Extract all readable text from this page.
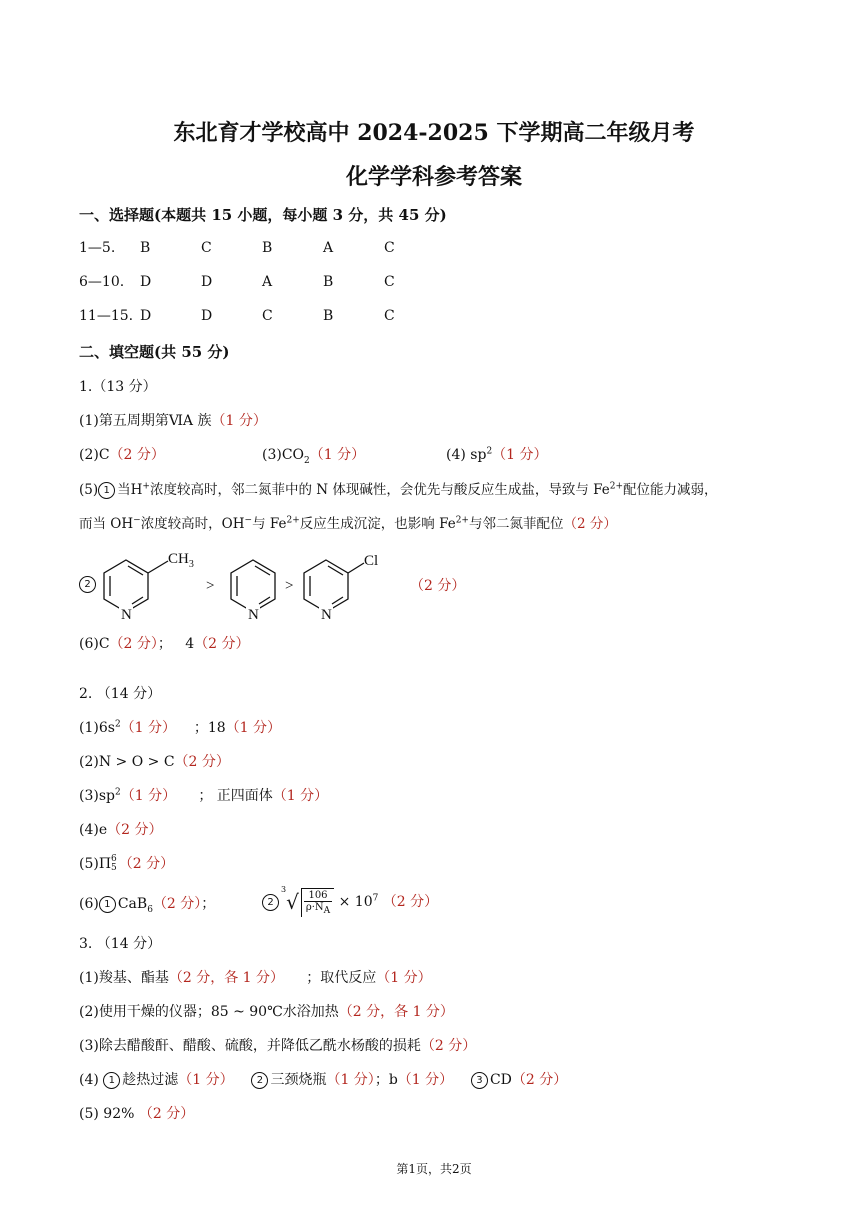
东北育才学校高中 2024-2025 下学期高二年级月考
化学学科参考答案
一、选择题(本题共 15 小题，每小题 3 分，共 45 分)
1—5. B	C	B	A	C
6—10. D	D	A	B	C
11—15. D	D	C	B	C
二、填空题(共 55 分)
1.（13 分）
(1)第五周期第ⅥA 族（1 分）
(2)C（2 分）	$(3)CO_2(1$ 分）	(4) $sp^2(1$ 分）
(5) 1 当H+浓度较高时，邻二氮菲中的 N 体现碱性，会优先与酸反应生成盐，导致与 $Fe^{2+}$配位能力减弱，
而当 OH−浓度较高时，OH−与 $Fe^{2+}$反应生成沉淀，也影响 $Fe^{2+}$与邻二氮菲配位（2 分）
2
N
$CH_3$
>
N
>
N
Cl
（2 分）
(6)C（2 分）； 4（2 分）
2. （14 分）
$(1)6s^2(1$ 分） ；18（1 分）
(2)N > O > C（2 分）
$(3)sp^2(1$ 分） ； 正四面体（1 分）
(4)e（2 分）
(5)Π 6
5 （2 分）
(6) 1 CaB$_6$（2 分）；	$2^3√ \frac{106}{\rho\cdot N_A} \times 10^7$ （2 分）
3. （14 分）
(1)羧基、酯基（2 分，各 1 分） ；取代反应（1 分）
(2)使用干燥的仪器；85 ~ 90℃水浴加热（2 分，各 1 分）
(3)除去醋酸酐、醋酸、硫酸，并降低乙酰水杨酸的损耗（2 分）
(4) 1 趁热过滤（1 分） 2 三颈烧瓶（1 分）；b（1 分） 3 CD（2 分）
(5) 92% （2 分）
第1页，共2页
